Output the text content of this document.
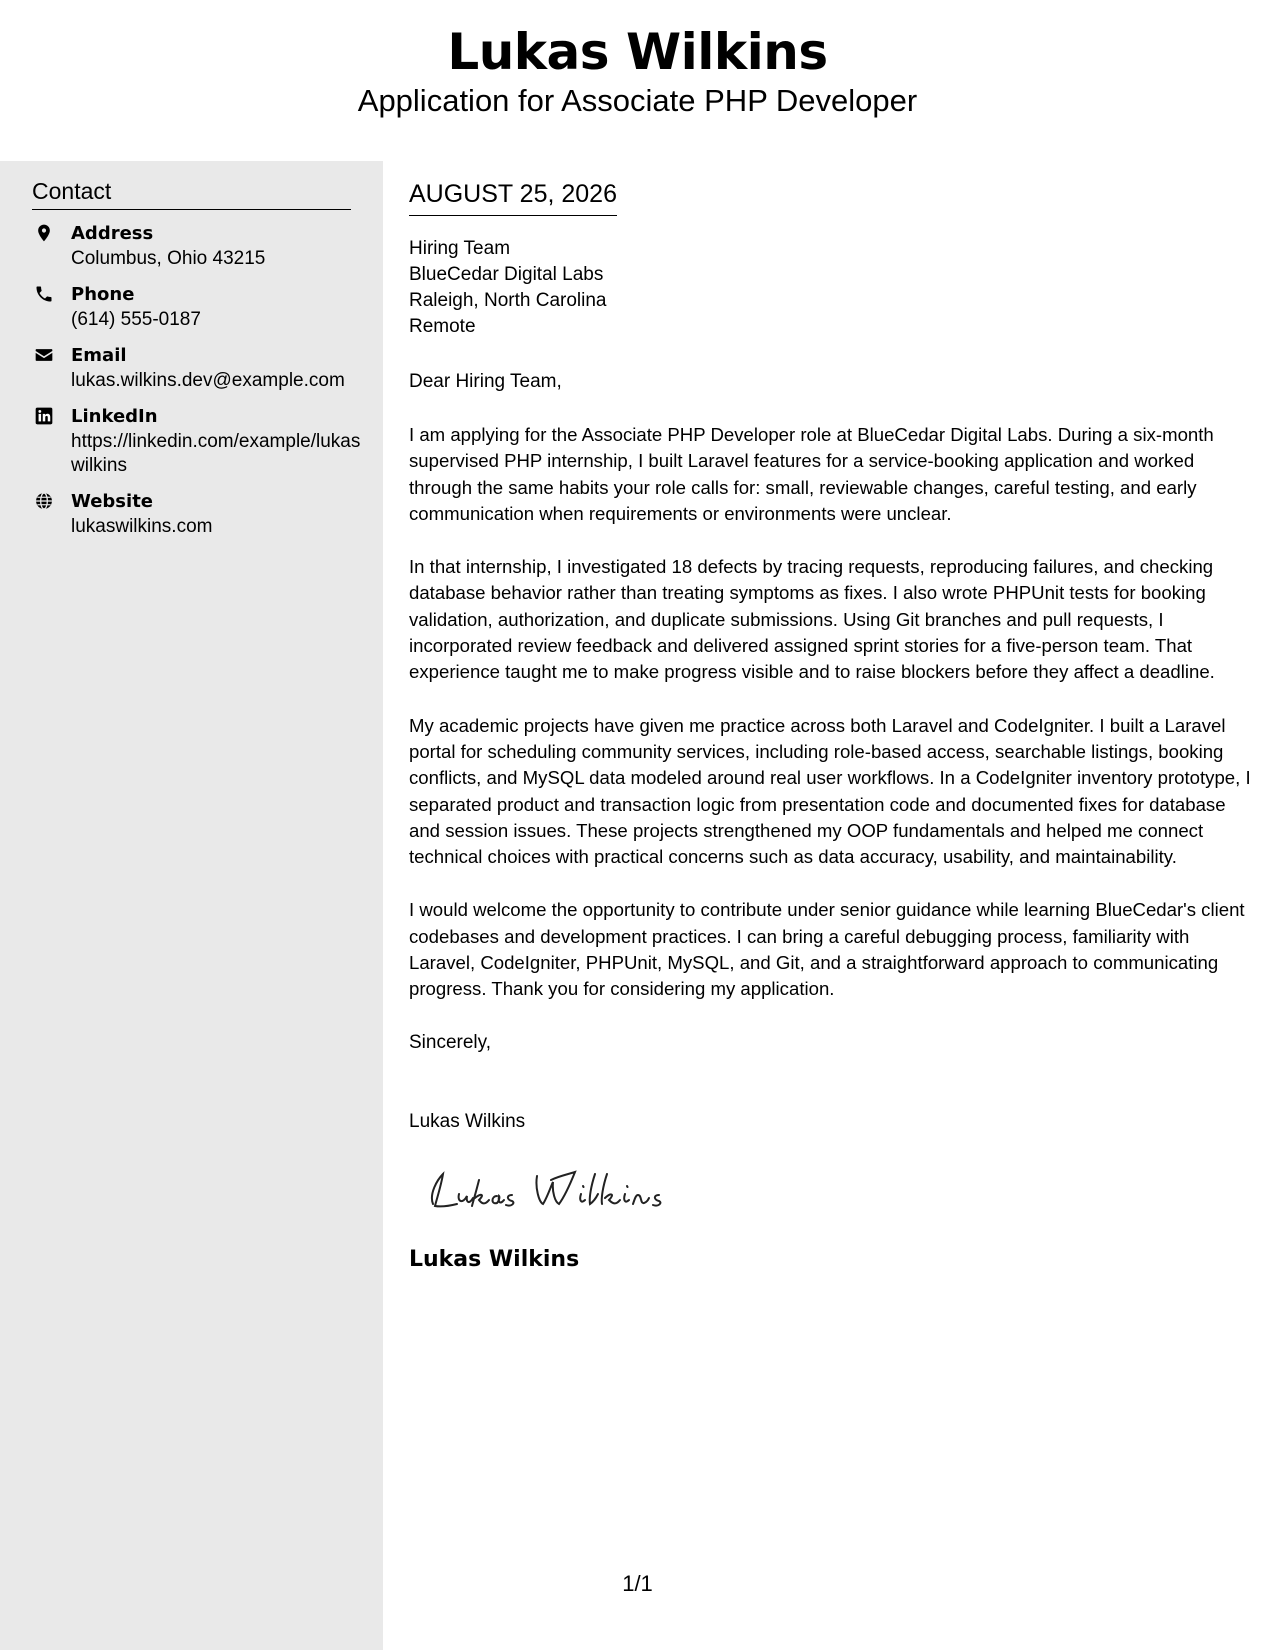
Lukas Wilkins
Application for Associate PHP Developer
Contact
Address
Columbus, Ohio 43215
Phone
(614) 555-0187
Email
lukas.wilkins.dev@example.com
LinkedIn
https://linkedin.com/example/lukaswilkins
Website
lukaswilkins.com
AUGUST 25, 2026
Hiring Team
BlueCedar Digital Labs
Raleigh, North Carolina
Remote
Dear Hiring Team,

I am applying for the Associate PHP Developer role at BlueCedar Digital Labs. During a six-month supervised PHP internship, I built Laravel features for a service-booking application and worked through the same habits your role calls for: small, reviewable changes, careful testing, and early communication when requirements or environments were unclear.

In that internship, I investigated 18 defects by tracing requests, reproducing failures, and checking database behavior rather than treating symptoms as fixes. I also wrote PHPUnit tests for booking validation, authorization, and duplicate submissions. Using Git branches and pull requests, I incorporated review feedback and delivered assigned sprint stories for a five-person team. That experience taught me to make progress visible and to raise blockers before they affect a deadline.

My academic projects have given me practice across both Laravel and CodeIgniter. I built a Laravel portal for scheduling community services, including role-based access, searchable listings, booking conflicts, and MySQL data modeled around real user workflows. In a CodeIgniter inventory prototype, I separated product and transaction logic from presentation code and documented fixes for database and session issues. These projects strengthened my OOP fundamentals and helped me connect technical choices with practical concerns such as data accuracy, usability, and maintainability.

I would welcome the opportunity to contribute under senior guidance while learning BlueCedar's client codebases and development practices. I can bring a careful debugging process, familiarity with Laravel, CodeIgniter, PHPUnit, MySQL, and Git, and a straightforward approach to communicating progress. Thank you for considering my application.

Sincerely,
Lukas Wilkins
Lukas Wilkins
1/1
